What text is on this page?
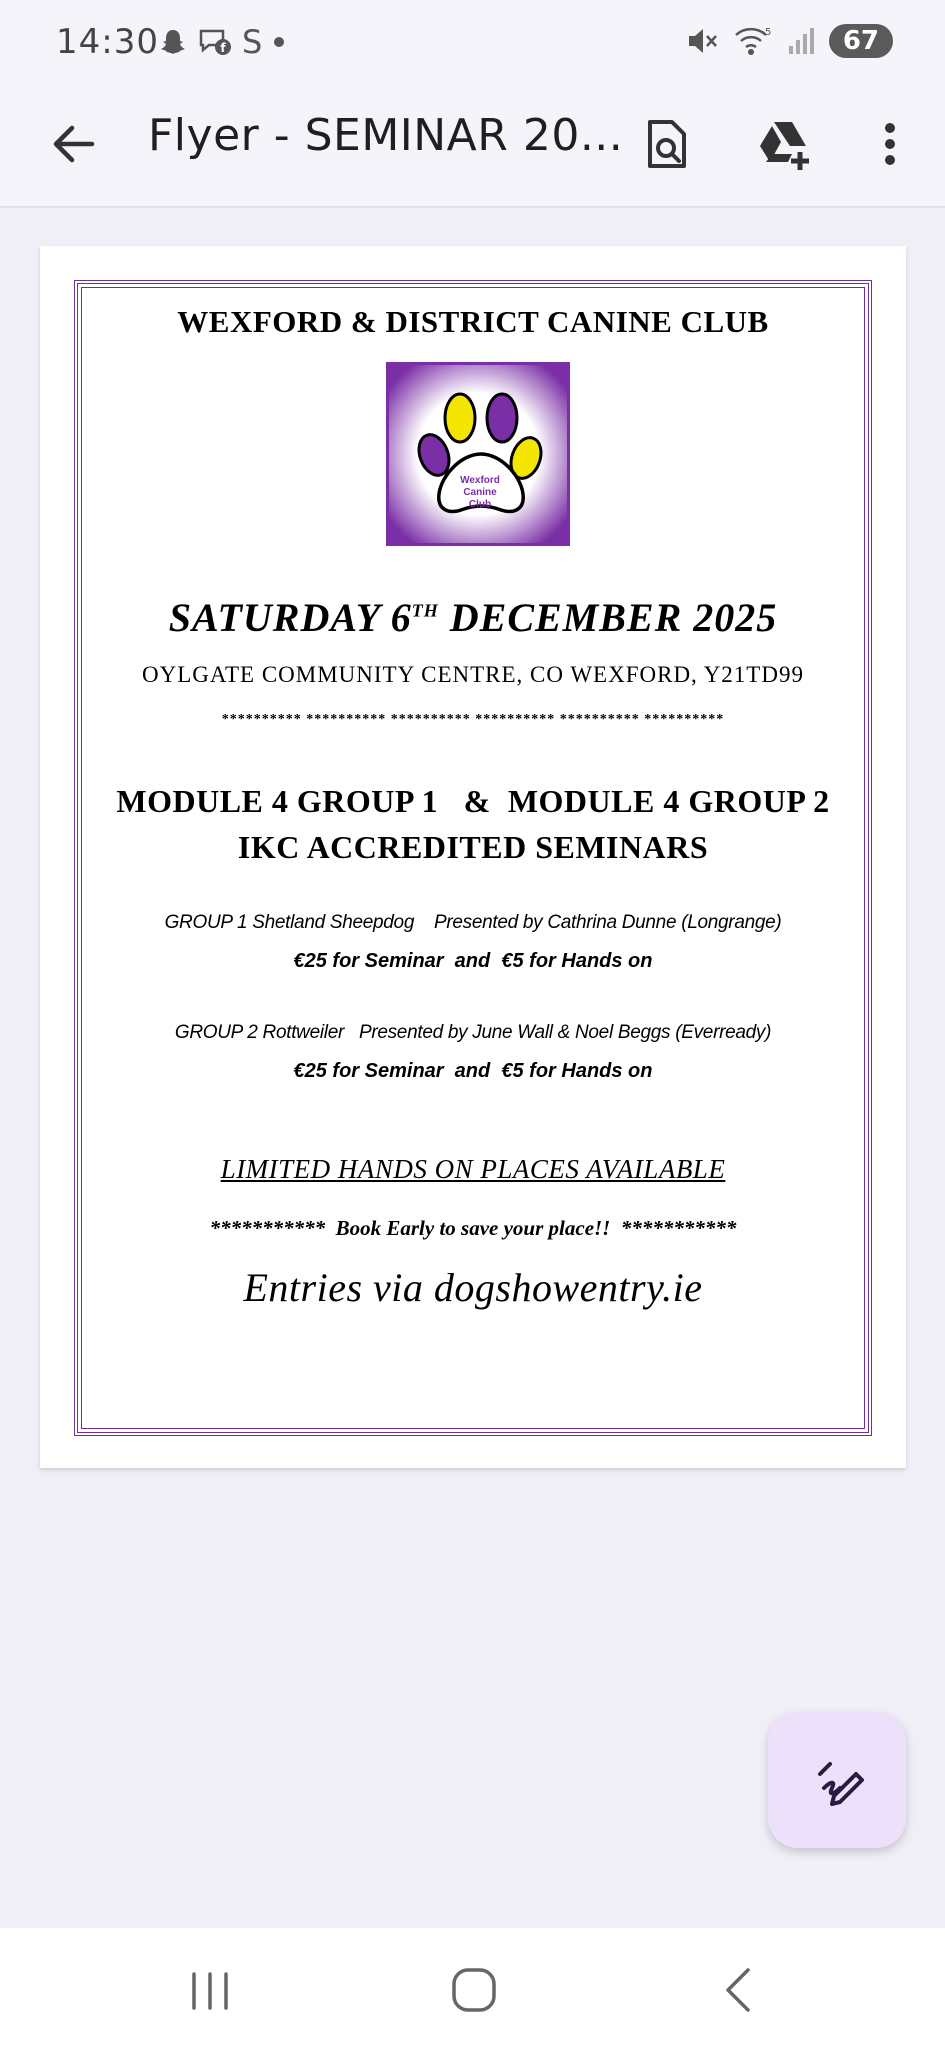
14:30	f S	5	67
Flyer - SEMINAR 20...
WEXFORD & DISTRICT CANINE CLUB
Wexford
Canine
Club
SATURDAY 6TH DECEMBER 2025
OYLGATE COMMUNITY CENTRE, CO WEXFORD, Y21TD99
********** ********** ********** ********** ********** **********
MODULE 4 GROUP 1   &  MODULE 4 GROUP 2
IKC ACCREDITED SEMINARS
GROUP 1 Shetland Sheepdog    Presented by Cathrina Dunne (Longrange)
€25 for Seminar  and  €5 for Hands on
GROUP 2 Rottweiler   Presented by June Wall & Noel Beggs (Everready)
€25 for Seminar  and  €5 for Hands on
LIMITED HANDS ON PLACES AVAILABLE
***********  Book Early to save your place!!  ***********
Entries via dogshowentry.ie
